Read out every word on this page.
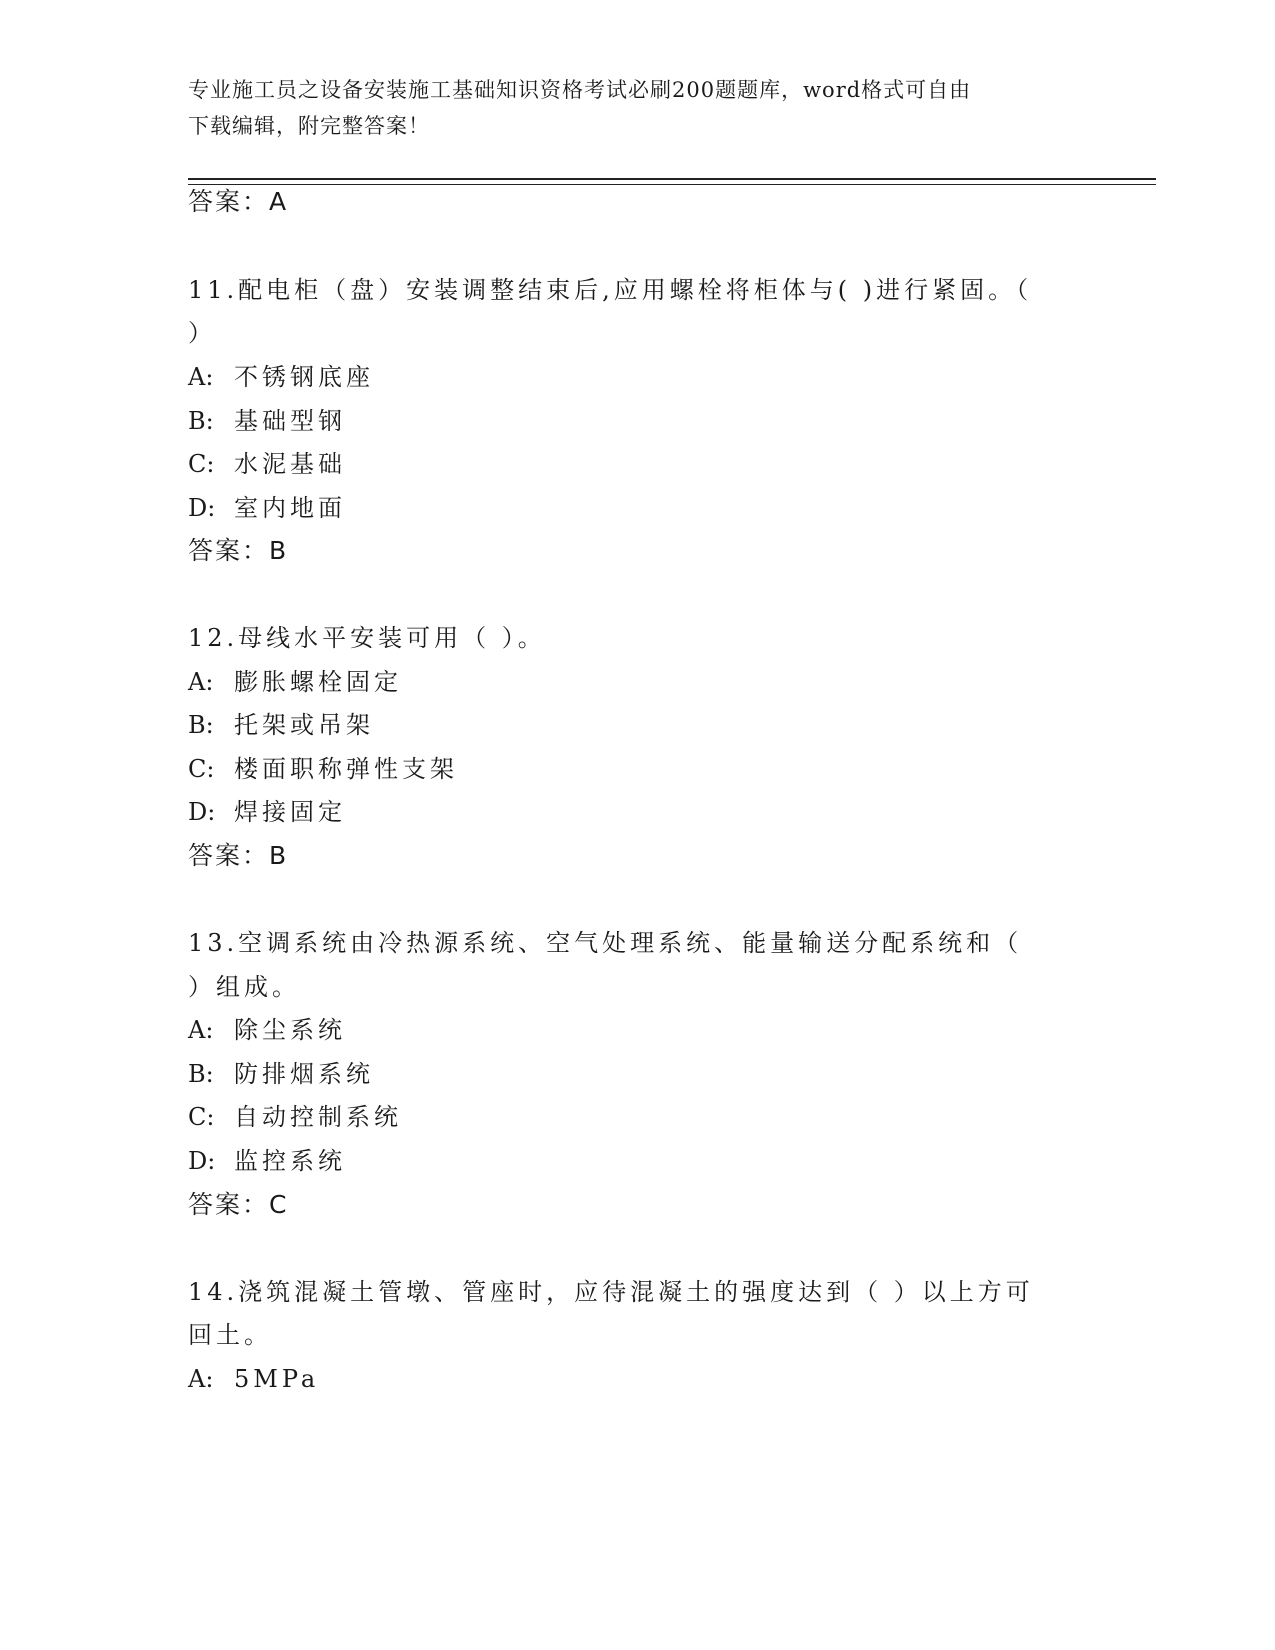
专业施工员之设备安装施工基础知识资格考试必刷200题题库，word格式可自由
下载编辑，附完整答案！
答案：A
11.配电柜（盘）安装调整结束后,应用螺栓将柜体与( )进行紧固。（
）
A: 不锈钢底座
B: 基础型钢
C: 水泥基础
D: 室内地面
答案：B
12.母线水平安装可用（ ）。
A: 膨胀螺栓固定
B: 托架或吊架
C: 楼面职称弹性支架
D: 焊接固定
答案：B
13.空调系统由冷热源系统、空气处理系统、能量输送分配系统和（
）组成。
A: 除尘系统
B: 防排烟系统
C: 自动控制系统
D: 监控系统
答案：C
14.浇筑混凝土管墩、管座时，应待混凝土的强度达到（ ）以上方可
回土。
A: 5MPa
